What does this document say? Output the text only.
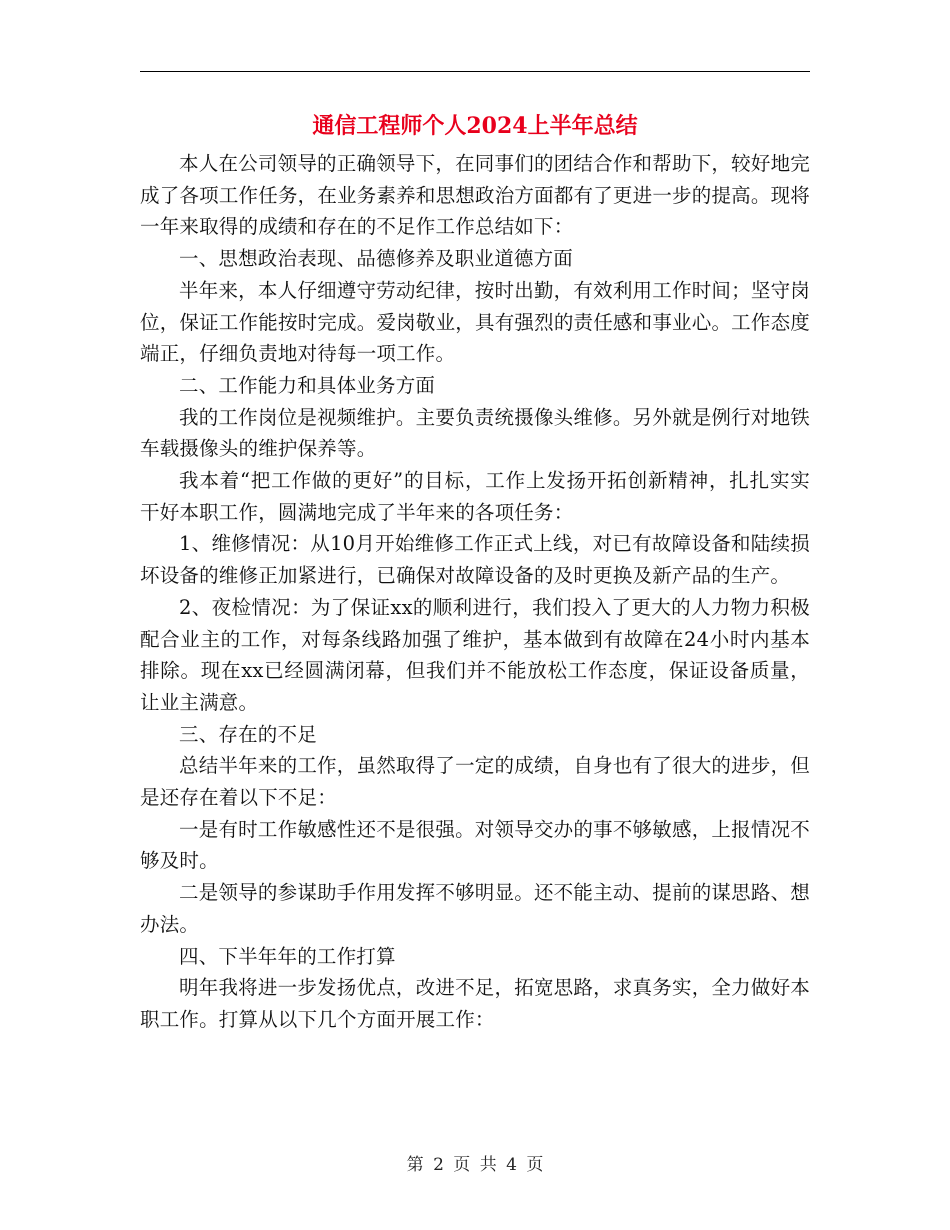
通信工程师个人2024上半年总结

本人在公司领导的正确领导下，在同事们的团结合作和帮助下，较好地完成了各项工作任务，在业务素养和思想政治方面都有了更进一步的提高。现将一年来取得的成绩和存在的不足作工作总结如下：

一、思想政治表现、品德修养及职业道德方面

半年来，本人仔细遵守劳动纪律，按时出勤，有效利用工作时间；坚守岗位，保证工作能按时完成。爱岗敬业，具有强烈的责任感和事业心。工作态度端正，仔细负责地对待每一项工作。

二、工作能力和具体业务方面

我的工作岗位是视频维护。主要负责统摄像头维修。另外就是例行对地铁车载摄像头的维护保养等。

我本着“把工作做的更好”的目标，工作上发扬开拓创新精神，扎扎实实干好本职工作，圆满地完成了半年来的各项任务：

1、维修情况：从10月开始维修工作正式上线，对已有故障设备和陆续损坏设备的维修正加紧进行，已确保对故障设备的及时更换及新产品的生产。

2、夜检情况：为了保证xx的顺利进行，我们投入了更大的人力物力积极配合业主的工作，对每条线路加强了维护，基本做到有故障在24小时内基本排除。现在xx已经圆满闭幕，但我们并不能放松工作态度，保证设备质量，让业主满意。

三、存在的不足

总结半年来的工作，虽然取得了一定的成绩，自身也有了很大的进步，但是还存在着以下不足：

一是有时工作敏感性还不是很强。对领导交办的事不够敏感，上报情况不够及时。

二是领导的参谋助手作用发挥不够明显。还不能主动、提前的谋思路、想办法。

四、下半年年的工作打算

明年我将进一步发扬优点，改进不足，拓宽思路，求真务实，全力做好本职工作。打算从以下几个方面开展工作：

第 2 页 共 4 页
